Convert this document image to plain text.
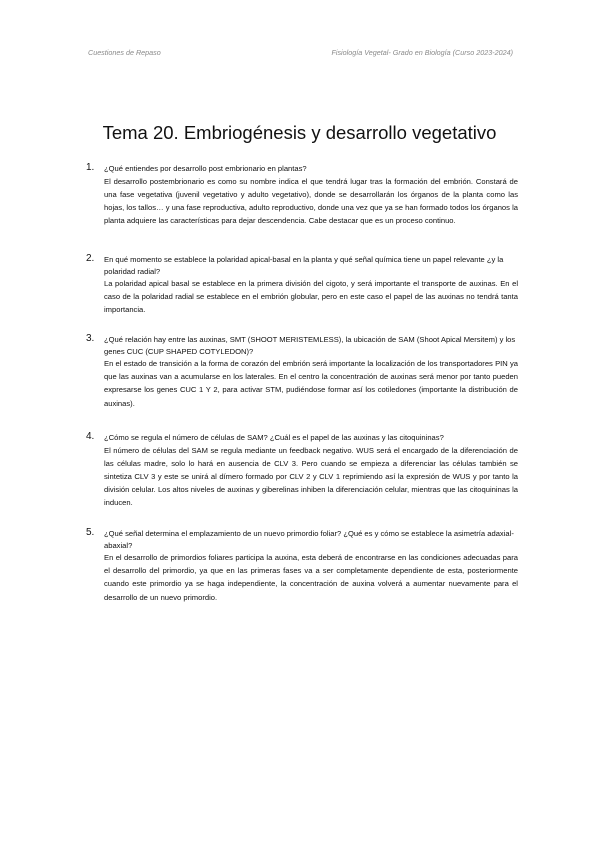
Cuestiones de Repaso	Fisiología Vegetal- Grado en Biología (Curso 2023-2024)
Tema 20. Embriogénesis y desarrollo vegetativo
1. ¿Qué entiendes por desarrollo post embrionario en plantas?

El desarrollo postembrionario es como su nombre indica el que tendrá lugar tras la formación del embrión. Constará de una fase vegetativa (juvenil vegetativo y adulto vegetativo), donde se desarrollarán los órganos de la planta como las hojas, los tallos… y una fase reproductiva, adulto reproductivo, donde una vez que ya se han formado todos los órganos la planta adquiere las características para dejar descendencia. Cabe destacar que es un proceso continuo.

2. En qué momento se establece la polaridad apical-basal en la planta y qué señal química tiene un papel relevante ¿y la polaridad radial?

La polaridad apical basal se establece en la primera división del cigoto, y será importante el transporte de auxinas. En el caso de la polaridad radial se establece en el embrión globular, pero en este caso el papel de las auxinas no tendrá tanta importancia.

3. ¿Qué relación hay entre las auxinas, SMT (SHOOT MERISTEMLESS), la ubicación de SAM (Shoot Apical Mersitem) y los genes CUC (CUP SHAPED COTYLEDON)?

En el estado de transición a la forma de corazón del embrión será importante la localización de los transportadores PIN ya que las auxinas van a acumularse en los laterales. En el centro la concentración de auxinas será menor por tanto pueden expresarse los genes CUC 1 Y 2, para activar STM, pudiéndose formar así los cotiledones (importante la distribución de auxinas).

4. ¿Cómo se regula el número de células de SAM? ¿Cuál es el papel de las auxinas y las citoquininas?

El número de células del SAM se regula mediante un feedback negativo. WUS será el encargado de la diferenciación de las células madre, solo lo hará en ausencia de CLV 3. Pero cuando se empieza a diferenciar las células también se sintetiza CLV 3 y este se unirá al dímero formado por CLV 2 y CLV 1 reprimiendo así la expresión de WUS y por tanto la división celular. Los altos niveles de auxinas y giberelinas inhiben la diferenciación celular, mientras que las citoquininas la inducen.

5. ¿Qué señal determina el emplazamiento de un nuevo primordio foliar? ¿Qué es y cómo se establece la asimetría adaxial-abaxial?

En el desarrollo de primordios foliares participa la auxina, esta deberá de encontrarse en las condiciones adecuadas para el desarrollo del primordio, ya que en las primeras fases va a ser completamente dependiente de esta, posteriormente cuando este primordio ya se haga independiente, la concentración de auxina volverá a aumentar nuevamente para el desarrollo de un nuevo primordio.
